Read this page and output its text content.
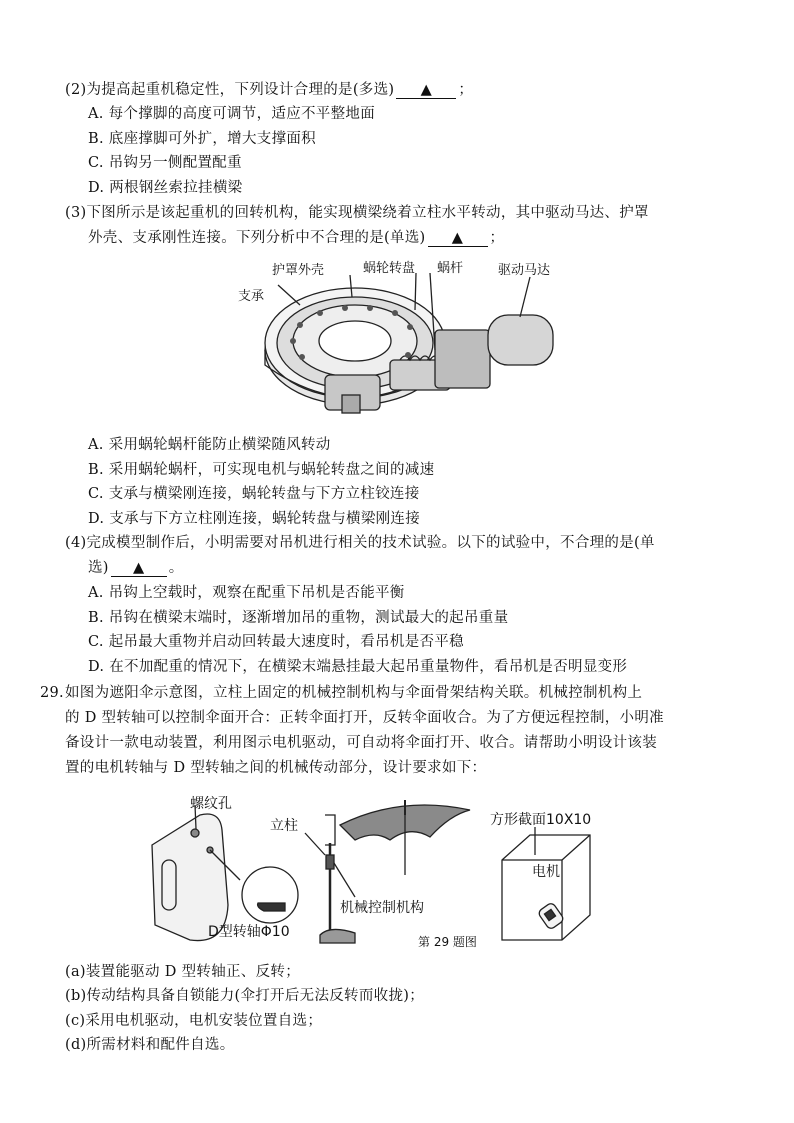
(2)为提高起重机稳定性，下列设计合理的是(多选) ▲ ；
A. 每个撑脚的高度可调节，适应不平整地面
B. 底座撑脚可外扩，增大支撑面积
C. 吊钩另一侧配置配重
D. 两根钢丝索拉挂横梁
(3)下图所示是该起重机的回转机构，能实现横梁绕着立柱水平转动，其中驱动马达、护罩
外壳、支承刚性连接。下列分析中不合理的是(单选) ▲ ；
护罩外壳	蜗轮转盘 蜗杆	驱动马达
支承
A. 采用蜗轮蜗杆能防止横梁随风转动
B. 采用蜗轮蜗杆，可实现电机与蜗轮转盘之间的减速
C. 支承与横梁刚连接，蜗轮转盘与下方立柱铰连接
D. 支承与下方立柱刚连接，蜗轮转盘与横梁刚连接
(4)完成模型制作后，小明需要对吊机进行相关的技术试验。以下的试验中，不合理的是(单
选) ▲ 。
A. 吊钩上空载时，观察在配重下吊机是否能平衡
B. 吊钩在横梁末端时，逐渐增加吊的重物，测试最大的起吊重量
C. 起吊最大重物并启动回转最大速度时，看吊机是否平稳
D. 在不加配重的情况下，在横梁末端悬挂最大起吊重量物件，看吊机是否明显变形
29. 如图为遮阳伞示意图，立柱上固定的机械控制机构与伞面骨架结构关联。机械控制机构上
的 D 型转轴可以控制伞面开合：正转伞面打开，反转伞面收合。为了方便远程控制，小明准
备设计一款电动装置，利用图示电机驱动，可自动将伞面打开、收合。请帮助小明设计该装
置的电机转轴与 D 型转轴之间的机械传动部分，设计要求如下：
螺纹孔
立柱	方形截面10X10
电机
机械控制机构
D型转轴Φ10
第 29 题图
(a)装置能驱动 D 型转轴正、反转；
(b)传动结构具备自锁能力(伞打开后无法反转而收拢)；
(c)采用电机驱动，电机安装位置自选；
(d)所需材料和配件自选。
